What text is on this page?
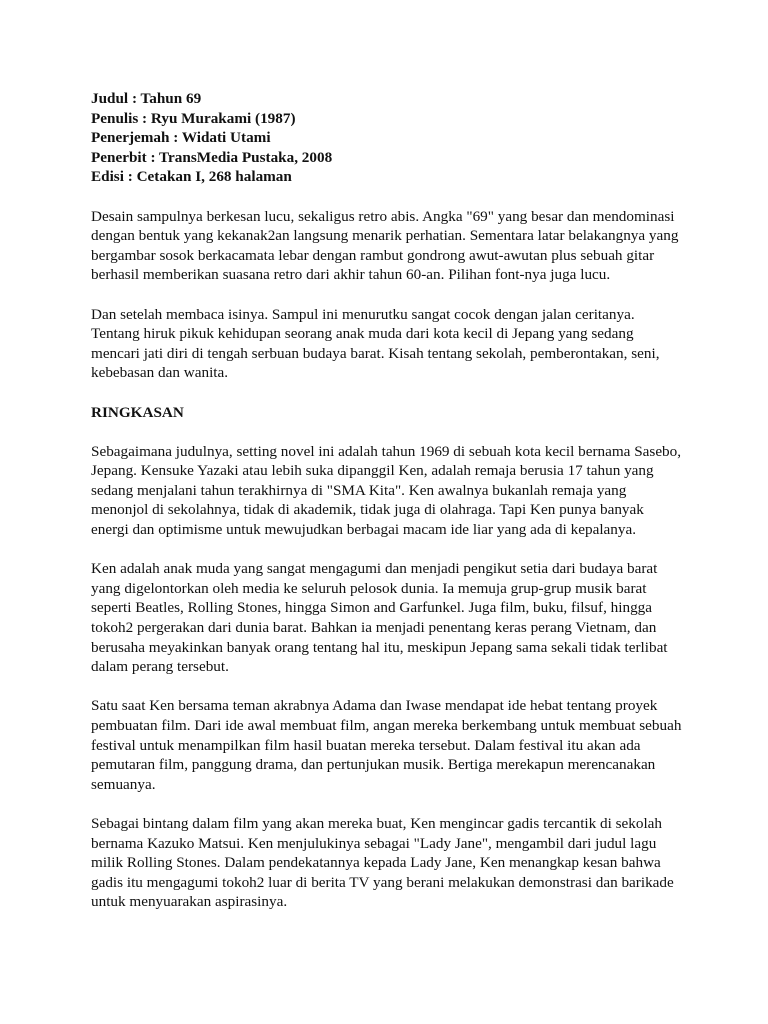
Judul : Tahun 69
Penulis : Ryu Murakami (1987)
Penerjemah : Widati Utami
Penerbit : TransMedia Pustaka, 2008
Edisi : Cetakan I, 268 halaman
Desain sampulnya berkesan lucu, sekaligus retro abis. Angka "69" yang besar dan mendominasi
dengan bentuk yang kekanak2an langsung menarik perhatian. Sementara latar belakangnya yang
bergambar sosok berkacamata lebar dengan rambut gondrong awut-awutan plus sebuah gitar
berhasil memberikan suasana retro dari akhir tahun 60-an. Pilihan font-nya juga lucu.
Dan setelah membaca isinya. Sampul ini menurutku sangat cocok dengan jalan ceritanya.
Tentang hiruk pikuk kehidupan seorang anak muda dari kota kecil di Jepang yang sedang
mencari jati diri di tengah serbuan budaya barat. Kisah tentang sekolah, pemberontakan, seni,
kebebasan dan wanita.
RINGKASAN
Sebagaimana judulnya, setting novel ini adalah tahun 1969 di sebuah kota kecil bernama Sasebo,
Jepang. Kensuke Yazaki atau lebih suka dipanggil Ken, adalah remaja berusia 17 tahun yang
sedang menjalani tahun terakhirnya di "SMA Kita". Ken awalnya bukanlah remaja yang
menonjol di sekolahnya, tidak di akademik, tidak juga di olahraga. Tapi Ken punya banyak
energi dan optimisme untuk mewujudkan berbagai macam ide liar yang ada di kepalanya.
Ken adalah anak muda yang sangat mengagumi dan menjadi pengikut setia dari budaya barat
yang digelontorkan oleh media ke seluruh pelosok dunia. Ia memuja grup-grup musik barat
seperti Beatles, Rolling Stones, hingga Simon and Garfunkel. Juga film, buku, filsuf, hingga
tokoh2 pergerakan dari dunia barat. Bahkan ia menjadi penentang keras perang Vietnam, dan
berusaha meyakinkan banyak orang tentang hal itu, meskipun Jepang sama sekali tidak terlibat
dalam perang tersebut.
Satu saat Ken bersama teman akrabnya Adama dan Iwase mendapat ide hebat tentang proyek
pembuatan film. Dari ide awal membuat film, angan mereka berkembang untuk membuat sebuah
festival untuk menampilkan film hasil buatan mereka tersebut. Dalam festival itu akan ada
pemutaran film, panggung drama, dan pertunjukan musik. Bertiga merekapun merencanakan
semuanya.
Sebagai bintang dalam film yang akan mereka buat, Ken mengincar gadis tercantik di sekolah
bernama Kazuko Matsui. Ken menjulukinya sebagai "Lady Jane", mengambil dari judul lagu
milik Rolling Stones. Dalam pendekatannya kepada Lady Jane, Ken menangkap kesan bahwa
gadis itu mengagumi tokoh2 luar di berita TV yang berani melakukan demonstrasi dan barikade
untuk menyuarakan aspirasinya.
